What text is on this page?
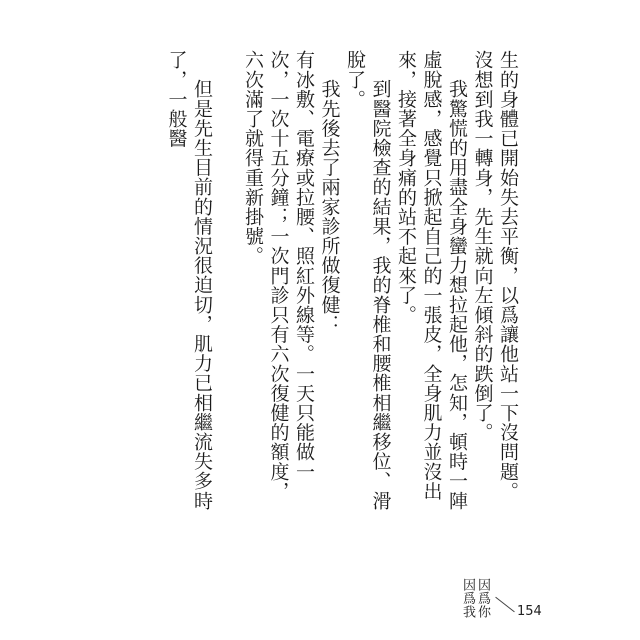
生的身體已開始失去平衡，以爲讓他站一下沒問題。沒想到我一轉身，先生就向左傾斜的跌倒了。

我驚慌的用盡全身蠻力想拉起他，怎知，頓時一陣虛脫感，感覺只掀起自己的一張皮，全身肌力並沒出來，接著全身痛的站不起來了。

到醫院檢查的結果，我的脊椎和腰椎相繼移位、滑脫了。

我先後去了兩家診所做復健：

有冰敷、電療或拉腰、照紅外線等。一天只能做一次，一次十五分鐘；一次門診只有六次復健的額度，六次滿了就得重新掛號。

但是先生目前的情況很迫切，肌力已相繼流失多時了，一般醫

因爲你
因爲我	154
